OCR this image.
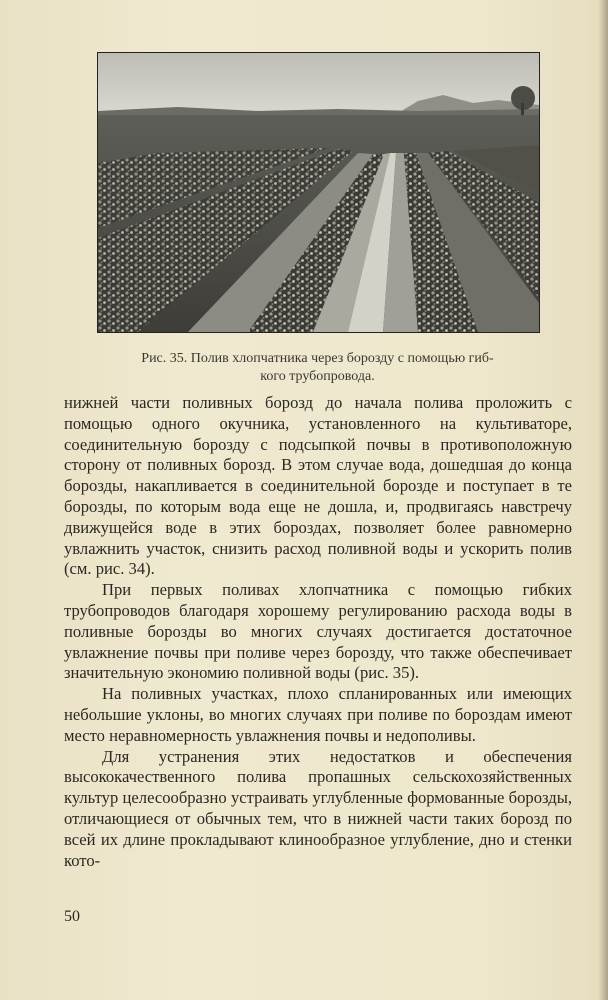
Рис. 35. Полив хлопчатника через борозду с помощью гиб-
кого трубопровода.

нижней части поливных борозд до начала полива проложить с помощью одного окучника, установленного на культиваторе, соединительную борозду с подсыпкой почвы в противоположную сторону от поливных борозд. В этом случае вода, дошедшая до конца борозды, накапливается в соединительной борозде и поступает в те борозды, по которым вода еще не дошла, и, продвигаясь навстречу движущейся воде в этих бороздах, позволяет более равномерно увлажнить участок, снизить расход поливной воды и ускорить полив (см. рис. 34).

При первых поливах хлопчатника с помощью гибких трубопроводов благодаря хорошему регулированию расхода воды в поливные борозды во многих случаях достигается достаточное увлажнение почвы при поливе через борозду, что также обеспечивает значительную экономию поливной воды (рис. 35).

На поливных участках, плохо спланированных или имеющих небольшие уклоны, во многих случаях при поливе по бороздам имеют место неравномерность увлажнения почвы и недополивы.

Для устранения этих недостатков и обеспечения высококачественного полива пропашных сельскохозяйственных культур целесообразно устраивать углубленные формованные борозды, отличающиеся от обычных тем, что в нижней части таких борозд по всей их длине прокладывают клинообразное углубление, дно и стенки кото-

50
